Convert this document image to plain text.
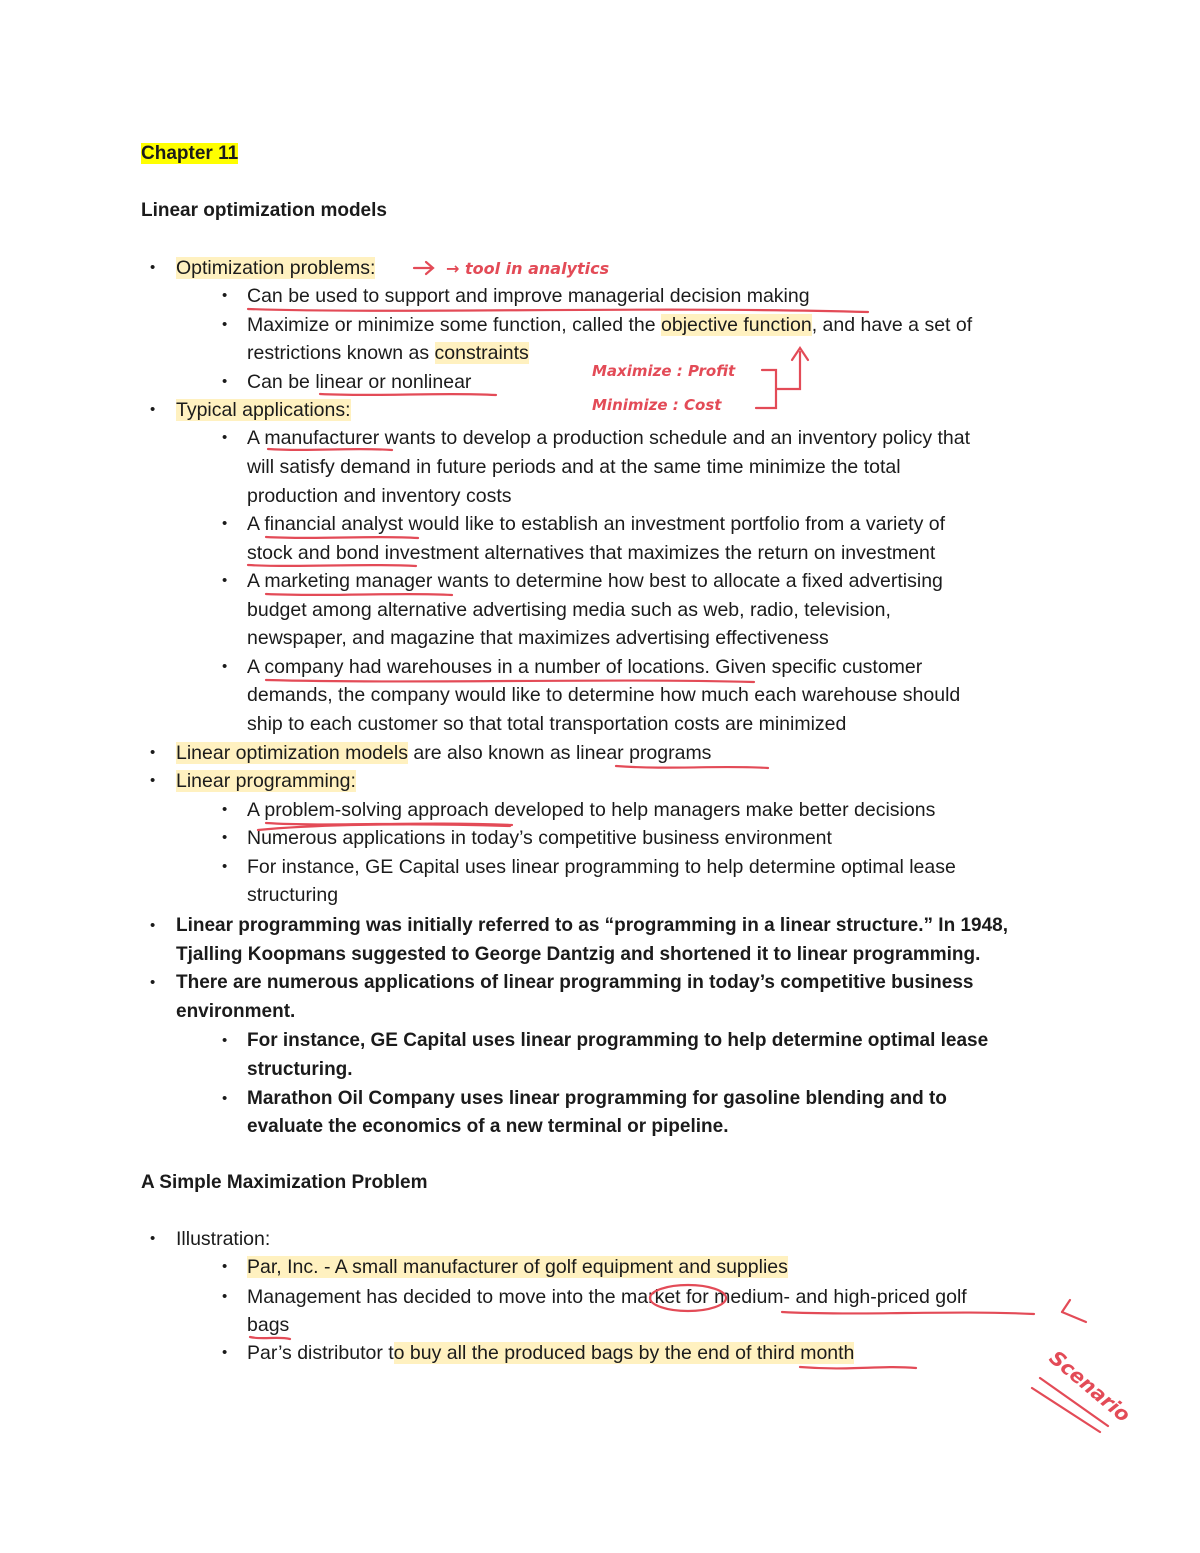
Chapter 11
Linear optimization models
• Optimization problems:
• Can be used to support and improve managerial decision making
• Maximize or minimize some function, called the objective function, and have a set of
restrictions known as constraints
• Can be linear or nonlinear
• Typical applications:
• A manufacturer wants to develop a production schedule and an inventory policy that
will satisfy demand in future periods and at the same time minimize the total
production and inventory costs
• A financial analyst would like to establish an investment portfolio from a variety of
stock and bond investment alternatives that maximizes the return on investment
• A marketing manager wants to determine how best to allocate a fixed advertising
budget among alternative advertising media such as web, radio, television,
newspaper, and magazine that maximizes advertising effectiveness
• A company had warehouses in a number of locations. Given specific customer
demands, the company would like to determine how much each warehouse should
ship to each customer so that total transportation costs are minimized
• Linear optimization models are also known as linear programs
• Linear programming:
• A problem-solving approach developed to help managers make better decisions
• Numerous applications in today’s competitive business environment
• For instance, GE Capital uses linear programming to help determine optimal lease
structuring
• Linear programming was initially referred to as “programming in a linear structure.” In 1948,
Tjalling Koopmans suggested to George Dantzig and shortened it to linear programming.
• There are numerous applications of linear programming in today’s competitive business
environment.
• For instance, GE Capital uses linear programming to help determine optimal lease
structuring.
• Marathon Oil Company uses linear programming for gasoline blending and to
evaluate the economics of a new terminal or pipeline.
A Simple Maximization Problem
• Illustration:
• Par, Inc. - A small manufacturer of golf equipment and supplies
• Management has decided to move into the market for medium- and high-priced golf
bags
• Par’s distributor to buy all the produced bags by the end of third month
→ tool in analytics
Maximize : Profit
Minimize : Cost
Scenario
